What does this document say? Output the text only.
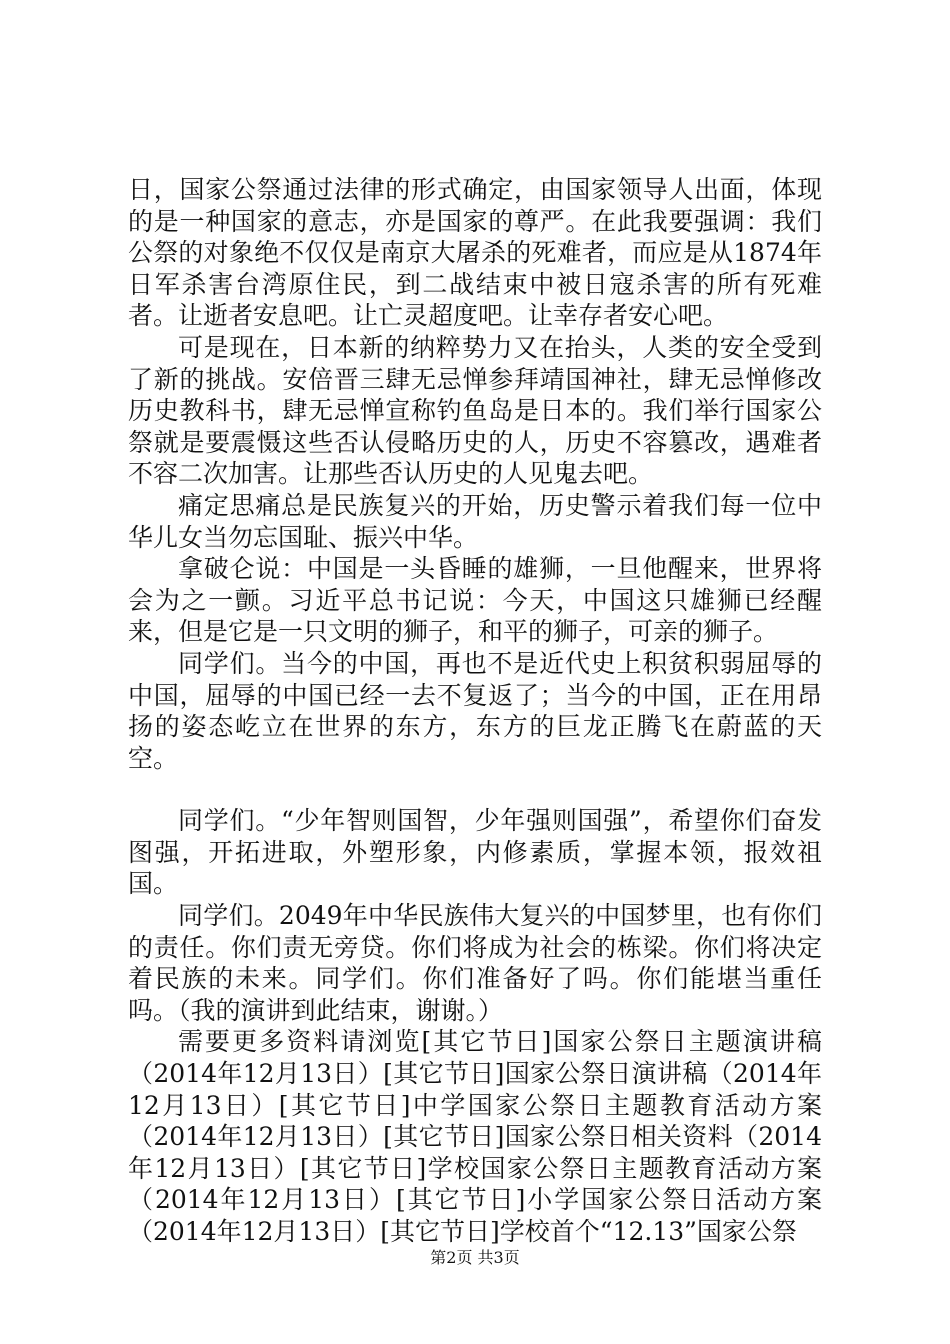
日，国家公祭通过法律的形式确定，由国家领导人出面，体现的是一种国家的意志，亦是国家的尊严。在此我要强调：我们公祭的对象绝不仅仅是南京大屠杀的死难者，而应是从1874年日军杀害台湾原住民，到二战结束中被日寇杀害的所有死难者。让逝者安息吧。让亡灵超度吧。让幸存者安心吧。

可是现在，日本新的纳粹势力又在抬头，人类的安全受到了新的挑战。安倍晋三肆无忌惮参拜靖国神社，肆无忌惮修改历史教科书，肆无忌惮宣称钓鱼岛是日本的。我们举行国家公祭就是要震慑这些否认侵略历史的人，历史不容篡改，遇难者不容二次加害。让那些否认历史的人见鬼去吧。

痛定思痛总是民族复兴的开始，历史警示着我们每一位中华儿女当勿忘国耻、振兴中华。

拿破仑说：中国是一头昏睡的雄狮，一旦他醒来，世界将会为之一颤。习近平总书记说：今天，中国这只雄狮已经醒来，但是它是一只文明的狮子，和平的狮子，可亲的狮子。

同学们。当今的中国，再也不是近代史上积贫积弱屈辱的中国，屈辱的中国已经一去不复返了；当今的中国，正在用昂扬的姿态屹立在世界的东方，东方的巨龙正腾飞在蔚蓝的天空。

同学们。“少年智则国智，少年强则国强”，希望你们奋发图强，开拓进取，外塑形象，内修素质，掌握本领，报效祖国。

同学们。2049年中华民族伟大复兴的中国梦里，也有你们的责任。你们责无旁贷。你们将成为社会的栋梁。你们将决定着民族的未来。同学们。你们准备好了吗。你们能堪当重任吗。（我的演讲到此结束，谢谢。）

需要更多资料请浏览[其它节日]国家公祭日主题演讲稿（2014年12月13日）[其它节日]国家公祭日演讲稿（2014年12月13日）[其它节日]中学国家公祭日主题教育活动方案（2014年12月13日）[其它节日]国家公祭日相关资料（2014年12月13日）[其它节日]学校国家公祭日主题教育活动方案（2014年12月13日）[其它节日]小学国家公祭日活动方案（2014年12月13日）[其它节日]学校首个“12.13”国家公祭

第2页 共3页
